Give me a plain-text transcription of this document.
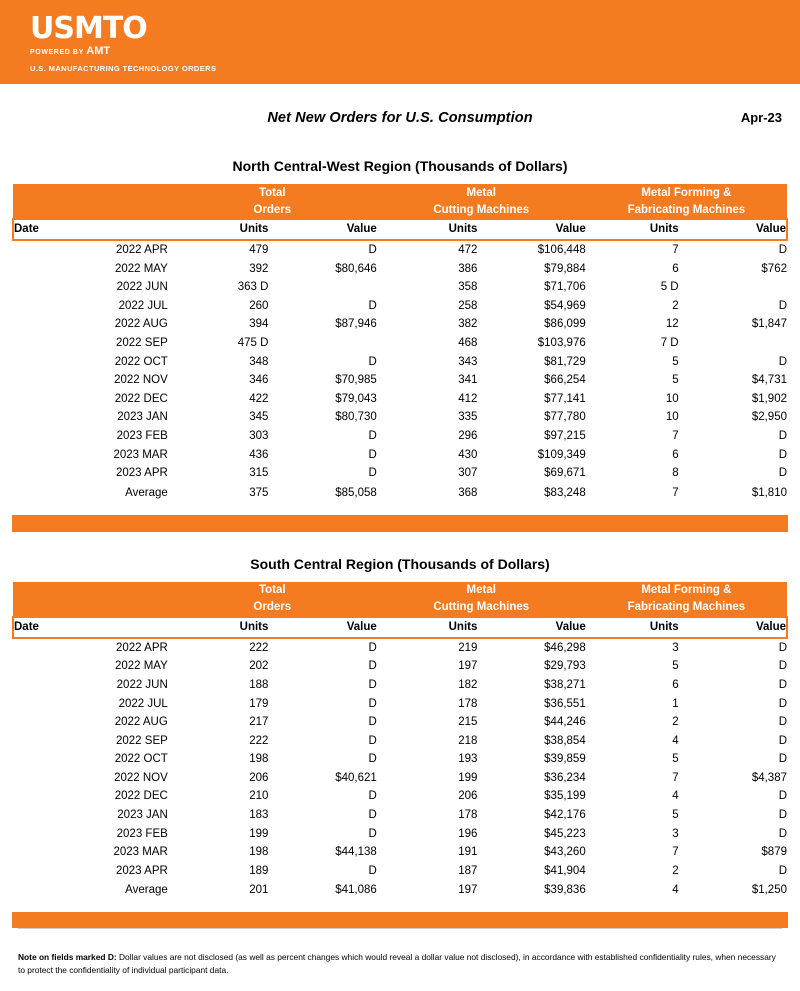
USMTO
POWERED BY AMT
U.S. MANUFACTURING TECHNOLOGY ORDERS
Net New Orders for U.S. Consumption	Apr-23
North Central-West Region (Thousands of Dollars)
	Total		Metal		Metal Forming &	
	Orders		Cutting Machines		Fabricating Machines	
Date	Units	Value	Units	Value	Units	Value
2022 APR	479	D	472	$106,448	7	D
2022 MAY	392	$80,646	386	$79,884	6	$762
2022 JUN	363 D		358	$71,706	5 D	
2022 JUL	260	D	258	$54,969	2	D
2022 AUG	394	$87,946	382	$86,099	12	$1,847
2022 SEP	475 D		468	$103,976	7 D	
2022 OCT	348	D	343	$81,729	5	D
2022 NOV	346	$70,985	341	$66,254	5	$4,731
2022 DEC	422	$79,043	412	$77,141	10	$1,902
2023 JAN	345	$80,730	335	$77,780	10	$2,950
2023 FEB	303	D	296	$97,215	7	D
2023 MAR	436	D	430	$109,349	6	D
2023 APR	315	D	307	$69,671	8	D
Average	375	$85,058	368	$83,248	7	$1,810
South Central Region (Thousands of Dollars)
	Total		Metal		Metal Forming &	
	Orders		Cutting Machines		Fabricating Machines	
Date	Units	Value	Units	Value	Units	Value
2022 APR	222	D	219	$46,298	3	D
2022 MAY	202	D	197	$29,793	5	D
2022 JUN	188	D	182	$38,271	6	D
2022 JUL	179	D	178	$36,551	1	D
2022 AUG	217	D	215	$44,246	2	D
2022 SEP	222	D	218	$38,854	4	D
2022 OCT	198	D	193	$39,859	5	D
2022 NOV	206	$40,621	199	$36,234	7	$4,387
2022 DEC	210	D	206	$35,199	4	D
2023 JAN	183	D	178	$42,176	5	D
2023 FEB	199	D	196	$45,223	3	D
2023 MAR	198	$44,138	191	$43,260	7	$879
2023 APR	189	D	187	$41,904	2	D
Average	201	$41,086	197	$39,836	4	$1,250
Note on fields marked D: Dollar values are not disclosed (as well as percent changes which would reveal a dollar value not disclosed), in accordance with established confidentiality rules, when necessary to protect the confidentiality of individual participant data.
